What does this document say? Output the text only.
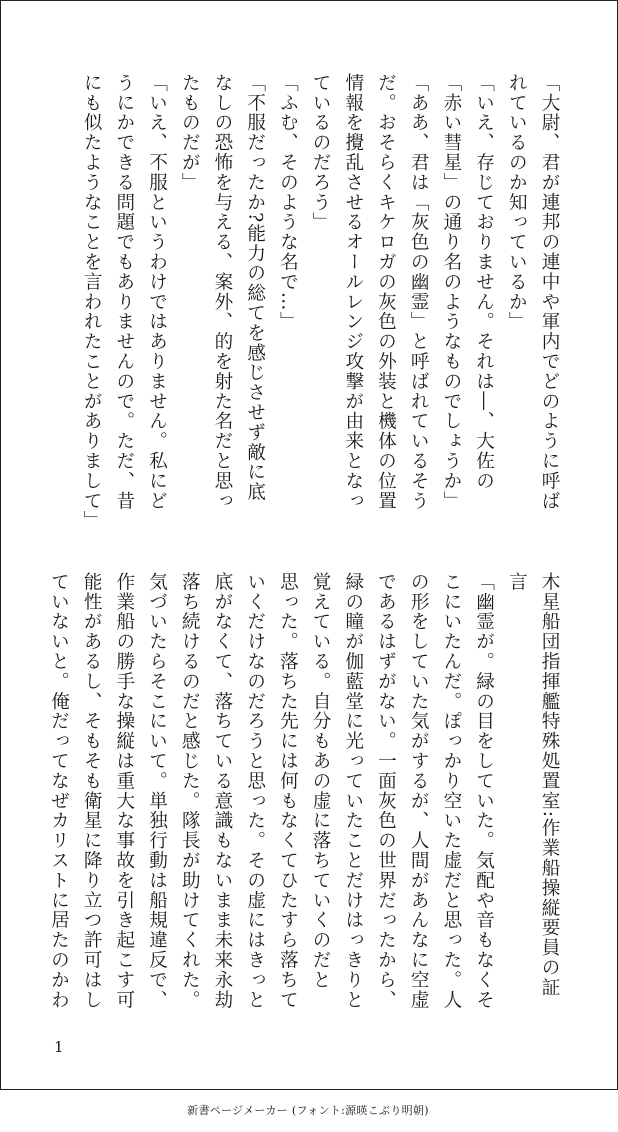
「大尉、君が連邦の連中や軍内でどのように呼ば
れているのか知っているか」
「いえ、存じておりません。それは―、大佐の
「赤い彗星」の通り名のようなものでしょうか」
「ああ、君は「灰色の幽霊」と呼ばれているそう
だ。おそらくキケロガの灰色の外装と機体の位置
情報を攪乱させるオールレンジ攻撃が由来となっ
ているのだろう」
「ふむ、そのような名で…」
「不服だったか?能力の総てを感じさせず敵に底
なしの恐怖を与える、案外、的を射た名だと思っ
たものだが」
「いえ、不服というわけではありません。私にど
うにかできる問題でもありませんので。ただ、昔
にも似たようなことを言われたことがありまして」
木星船団指揮艦特殊処置室:作業船操縦要員の証
言
「幽霊が。緑の目をしていた。気配や音もなくそ
こにいたんだ。ぽっかり空いた虚だと思った。人
の形をしていた気がするが、人間があんなに空虚
であるはずがない。一面灰色の世界だったから、
緑の瞳が伽藍堂に光っていたことだけはっきりと
覚えている。自分もあの虚に落ちていくのだと
思った。落ちた先には何もなくてひたすら落ちて
いくだけなのだろうと思った。その虚にはきっと
底がなくて、落ちている意識もないまま未来永劫
落ち続けるのだと感じた。隊長が助けてくれた。
気づいたらそこにいて。単独行動は船規違反で、
作業船の勝手な操縦は重大な事故を引き起こす可
能性があるし、そもそも衛星に降り立つ許可はし
ていないと。俺だってなぜカリストに居たのかわ
1
新書ページメーカー (フォント:源暎こぶり明朝)
